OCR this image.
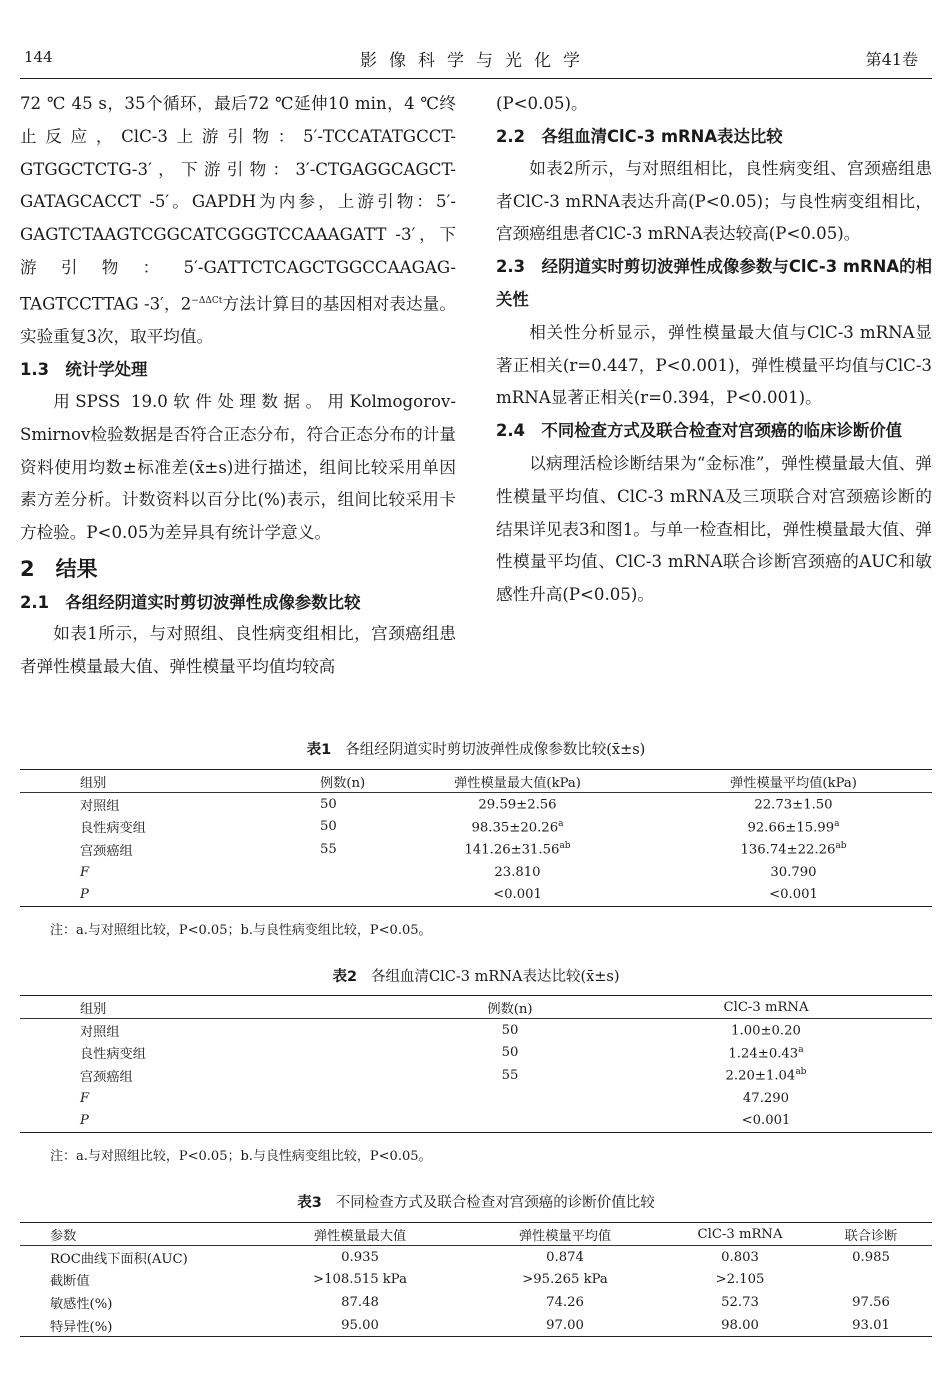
144	影像科学与光化学	第41卷

72 ℃ 45 s，35个循环，最后72 ℃延伸10 min，4 ℃终止反应，ClC-3上游引物：5′-TCCATATGCCT-GTGGCTCTG-3′，下游引物：3′-CTGAGGCAGCT-GATAGCACCT -5′。GAPDH为内参，上游引物：5′-GAGTCTAAGTCGGCATCGGGTCCAAAGATT -3′，下游引物：5′-GATTCTCAGCTGGCCAAGAG-TAGTCCTTAG -3′，$2^{-\Delta\Delta Ct}$方法计算目的基因相对表达量。实验重复3次，取平均值。

1.3　统计学处理

用SPSS 19.0软件处理数据。用Kolmogorov-Smirnov检验数据是否符合正态分布，符合正态分布的计量资料使用均数±标准差(x̄±s)进行描述，组间比较采用单因素方差分析。计数资料以百分比(%)表示，组间比较采用卡方检验。P<0.05为差异具有统计学意义。

2　结果

2.1　各组经阴道实时剪切波弹性成像参数比较

如表1所示，与对照组、良性病变组相比，宫颈癌组患者弹性模量最大值、弹性模量平均值均较高

(P<0.05)。

2.2　各组血清ClC-3 mRNA表达比较

如表2所示，与对照组相比，良性病变组、宫颈癌组患者ClC-3 mRNA表达升高(P<0.05)；与良性病变组相比，宫颈癌组患者ClC-3 mRNA表达较高(P<0.05)。

2.3　经阴道实时剪切波弹性成像参数与ClC-3 mRNA的相关性

相关性分析显示，弹性模量最大值与ClC-3 mRNA显著正相关(r=0.447，P<0.001)，弹性模量平均值与ClC-3 mRNA显著正相关(r=0.394，P<0.001)。

2.4　不同检查方式及联合检查对宫颈癌的临床诊断价值

以病理活检诊断结果为“金标准”，弹性模量最大值、弹性模量平均值、ClC-3 mRNA及三项联合对宫颈癌诊断的结果详见表3和图1。与单一检查相比，弹性模量最大值、弹性模量平均值、ClC-3 mRNA联合诊断宫颈癌的AUC和敏感性升高(P<0.05)。

表1 各组经阴道实时剪切波弹性成像参数比较(x̄±s)
	组别	例数(n)	弹性模量最大值(kPa)	弹性模量平均值(kPa)
	对照组	50	29.59±2.56	22.73±1.50
	良性病变组	50	98.35±20.26$^a$	92.66±15.99$^a$
	宫颈癌组	55	141.26±31.56$^{ab}$	136.74±22.26$^{ab}$
	F		23.810	30.790
	P		<0.001	<0.001
注：a.与对照组比较，P<0.05；b.与良性病变组比较，P<0.05。
表2 各组血清ClC-3 mRNA表达比较(x̄±s)
	组别	例数(n)	ClC-3 mRNA
	对照组	50	1.00±0.20
	良性病变组	50	1.24±0.43$^a$
	宫颈癌组	55	2.20±1.04$^{ab}$
	F		47.290
	P		<0.001
注：a.与对照组比较，P<0.05；b.与良性病变组比较，P<0.05。
表3 不同检查方式及联合检查对宫颈癌的诊断价值比较
	参数	弹性模量最大值	弹性模量平均值	ClC-3 mRNA	联合诊断
	ROC曲线下面积(AUC)	0.935	0.874	0.803	0.985
	截断值	>108.515 kPa	>95.265 kPa	>2.105	
	敏感性(%)	87.48	74.26	52.73	97.56
	特异性(%)	95.00	97.00	98.00	93.01
